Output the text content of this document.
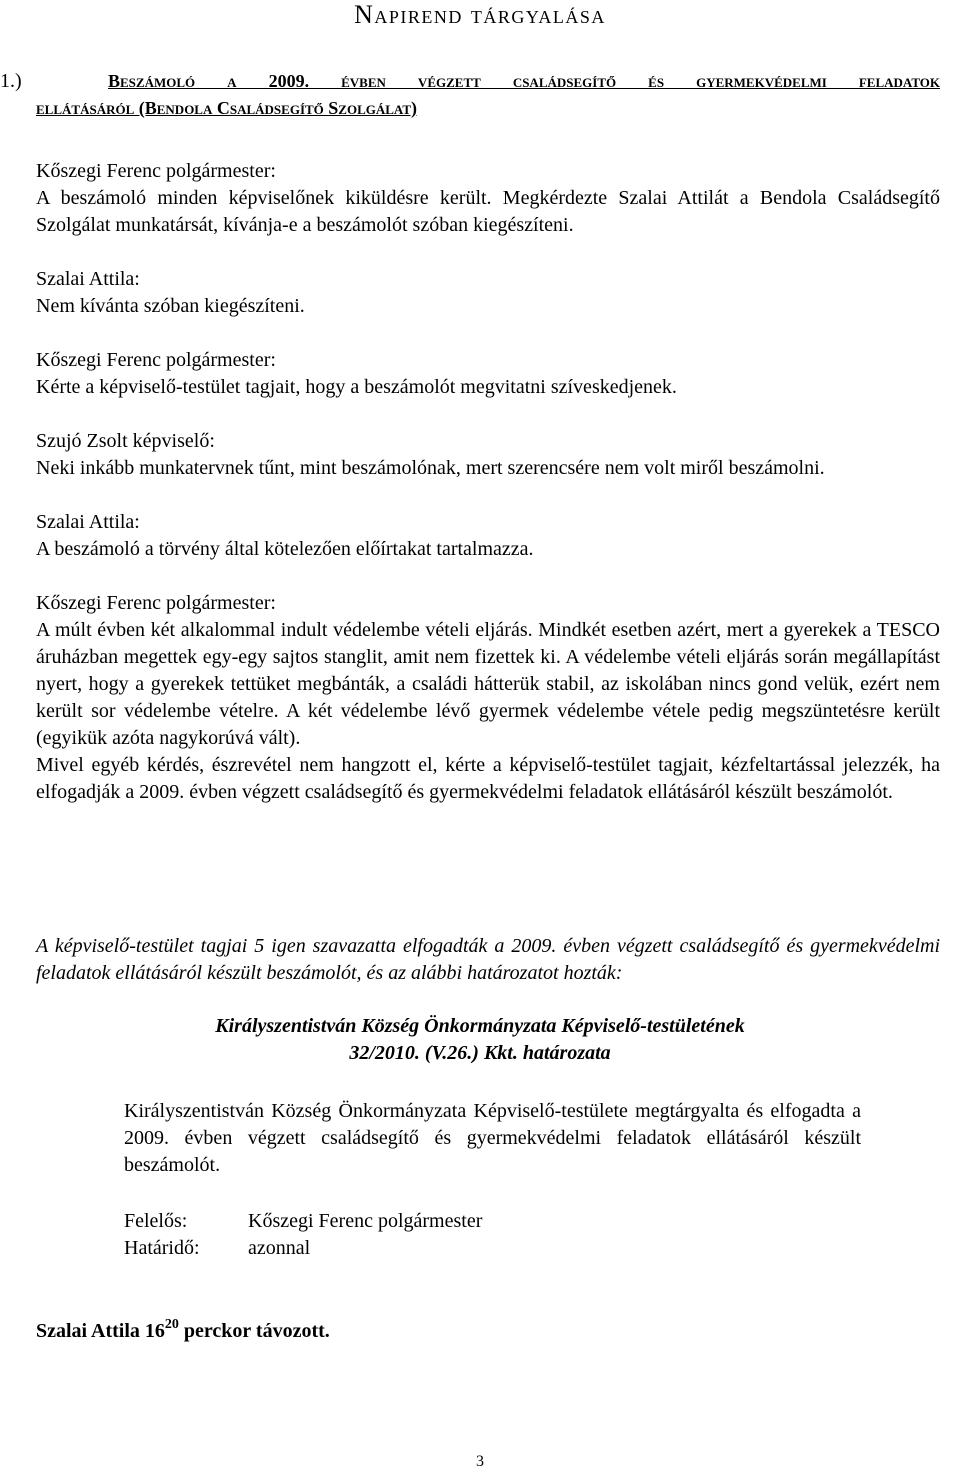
Napirend tárgyalása
1.)	Beszámoló a 2009. évben végzett családsegítő és gyermekvédelmi feladatok
ellátásáról (Bendola Családsegítő Szolgálat)

Kőszegi Ferenc polgármester:

A beszámoló minden képviselőnek kiküldésre került. Megkérdezte Szalai Attilát a Bendola Családsegítő Szolgálat munkatársát, kívánja-e a beszámolót szóban kiegészíteni.

Szalai Attila:

Nem kívánta szóban kiegészíteni.

Kőszegi Ferenc polgármester:

Kérte a képviselő-testület tagjait, hogy a beszámolót megvitatni szíveskedjenek.

Szujó Zsolt képviselő:

Neki inkább munkatervnek tűnt, mint beszámolónak, mert szerencsére nem volt miről beszámolni.

Szalai Attila:

A beszámoló a törvény által kötelezően előírtakat tartalmazza.

Kőszegi Ferenc polgármester:

A múlt évben két alkalommal indult védelembe vételi eljárás. Mindkét esetben azért, mert a gyerekek a TESCO áruházban megettek egy-egy sajtos stanglit, amit nem fizettek ki. A védelembe vételi eljárás során megállapítást nyert, hogy a gyerekek tettüket megbánták, a családi hátterük stabil, az iskolában nincs gond velük, ezért nem került sor védelembe vételre. A két védelembe lévő gyermek védelembe vétele pedig megszüntetésre került (egyikük azóta nagykorúvá vált).

Mivel egyéb kérdés, észrevétel nem hangzott el, kérte a képviselő-testület tagjait, kézfeltartással jelezzék, ha elfogadják a 2009. évben végzett családsegítő és gyermekvédelmi feladatok ellátásáról készült beszámolót.

A képviselő-testület tagjai 5 igen szavazatta elfogadták a 2009. évben végzett családsegítő és gyermekvédelmi feladatok ellátásáról készült beszámolót, és az alábbi határozatot hozták:

Királyszentistván Község Önkormányzata Képviselő-testületének
32/2010. (V.26.) Kkt. határozata

Királyszentistván Község Önkormányzata Képviselő-testülete megtárgyalta és elfogadta a 2009. évben végzett családsegítő és gyermekvédelmi feladatok ellátásáról készült beszámolót.

Felelős:	Kőszegi Ferenc polgármester
Határidő:	azonnal
Szalai Attila $16^{20}$ perckor távozott.
3
